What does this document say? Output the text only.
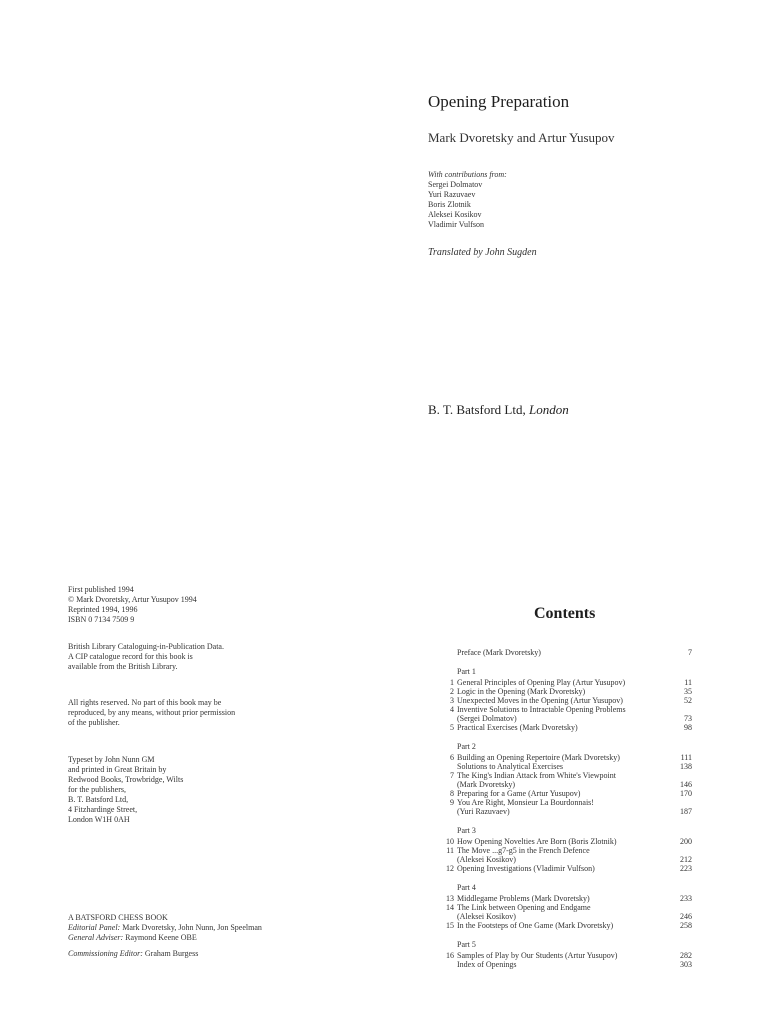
Opening Preparation
Mark Dvoretsky and Artur Yusupov
With contributions from:
Sergei Dolmatov
Yuri Razuvaev
Boris Zlotnik
Aleksei Kosikov
Vladimir Vulfson
Translated by John Sugden
B. T. Batsford Ltd, London
First published 1994
© Mark Dvoretsky, Artur Yusupov 1994
Reprinted 1994, 1996
ISBN 0 7134 7509 9
British Library Cataloguing-in-Publication Data.
A CIP catalogue record for this book is
available from the British Library.
All rights reserved. No part of this book may be
reproduced, by any means, without prior permission
of the publisher.
Typeset by John Nunn GM
and printed in Great Britain by
Redwood Books, Trowbridge, Wilts
for the publishers,
B. T. Batsford Ltd,
4 Fitzhardinge Street,
London W1H 0AH
A BATSFORD CHESS BOOK
Editorial Panel: Mark Dvoretsky, John Nunn, Jon Speelman
General Adviser: Raymond Keene OBE
Commissioning Editor: Graham Burgess
Contents
Preface (Mark Dvoretsky)	7
Part 1
1 General Principles of Opening Play (Artur Yusupov)	11
2 Logic in the Opening (Mark Dvoretsky)	35
3 Unexpected Moves in the Opening (Artur Yusupov)	52
4 Inventive Solutions to Intractable Opening Problems
(Sergei Dolmatov)	73
5 Practical Exercises (Mark Dvoretsky)	98
Part 2
6 Building an Opening Repertoire (Mark Dvoretsky)	111
Solutions to Analytical Exercises	138
7 The King's Indian Attack from White's Viewpoint
(Mark Dvoretsky)	146
8 Preparing for a Game (Artur Yusupov)	170
9 You Are Right, Monsieur La Bourdonnais!
(Yuri Razuvaev)	187
Part 3
10 How Opening Novelties Are Born (Boris Zlotnik)	200
11 The Move ...g7-g5 in the French Defence
(Aleksei Kosikov)	212
12 Opening Investigations (Vladimir Vulfson)	223
Part 4
13 Middlegame Problems (Mark Dvoretsky)	233
14 The Link between Opening and Endgame
(Aleksei Kosikov)	246
15 In the Footsteps of One Game (Mark Dvoretsky)	258
Part 5
16 Samples of Play by Our Students (Artur Yusupov)	282
Index of Openings	303
